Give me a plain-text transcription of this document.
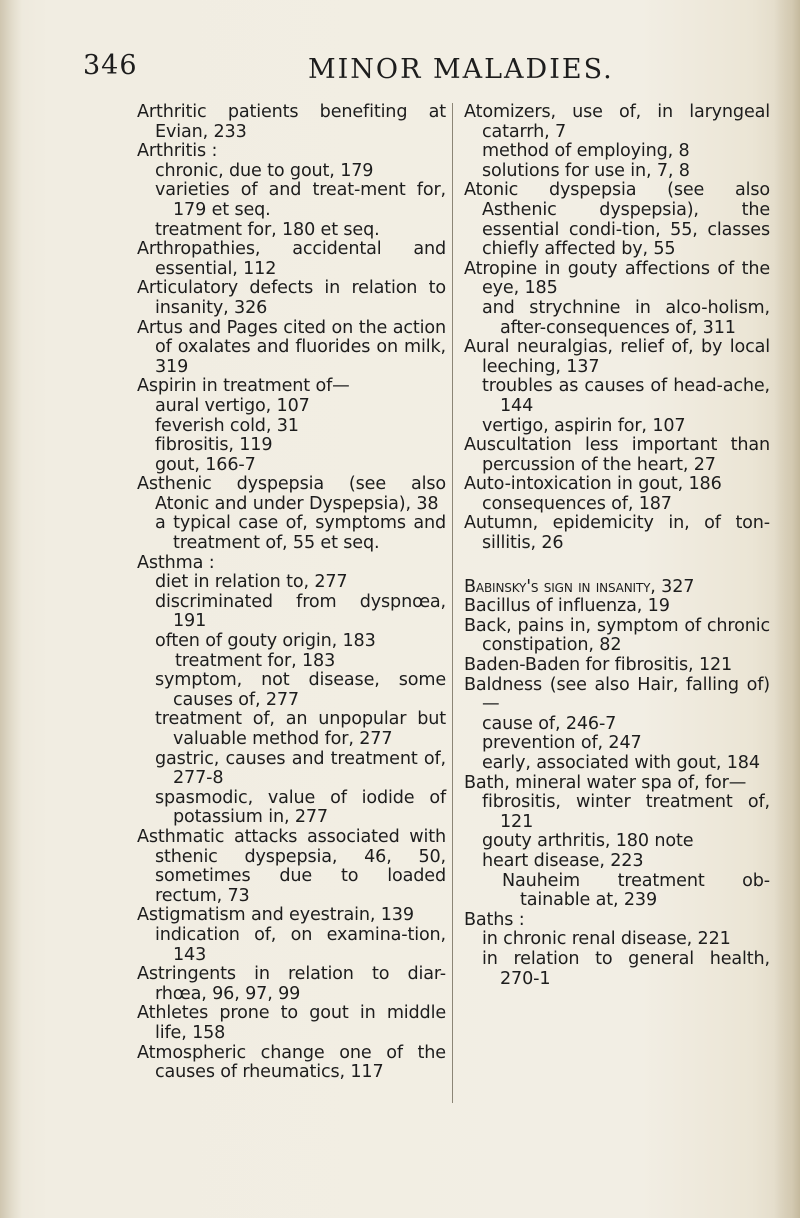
346	MINOR MALADIES.

Arthritic patients benefiting at Evian, 233

Arthritis :

chronic, due to gout, 179

varieties of and treat-ment for, 179 et seq.

treatment for, 180 et seq.

Arthropathies, accidental and essential, 112

Articulatory defects in relation to insanity, 326

Artus and Pages cited on the action of oxalates and fluorides on milk, 319

Aspirin in treatment of—

aural vertigo, 107

feverish cold, 31

fibrositis, 119

gout, 166-7

Asthenic dyspepsia (see also Atonic and under Dyspepsia), 38

a typical case of, symptoms and treatment of, 55 et seq.

Asthma :

diet in relation to, 277

discriminated from dyspnœa, 191

often of gouty origin, 183

treatment for, 183

symptom, not disease, some causes of, 277

treatment of, an unpopular but valuable method for, 277

gastric, causes and treatment of, 277-8

spasmodic, value of iodide of potassium in, 277

Asthmatic attacks associated with sthenic dyspepsia, 46, 50, sometimes due to loaded rectum, 73

Astigmatism and eyestrain, 139

indication of, on examina-tion, 143

Astringents in relation to diar-rhœa, 96, 97, 99

Athletes prone to gout in middle life, 158

Atmospheric change one of the causes of rheumatics, 117

Atomizers, use of, in laryngeal catarrh, 7

method of employing, 8

solutions for use in, 7, 8

Atonic dyspepsia (see also Asthenic dyspepsia), the essential condi-tion, 55, classes chiefly affected by, 55

Atropine in gouty affections of the eye, 185

and strychnine in alco-holism, after-consequences of, 311

Aural neuralgias, relief of, by local leeching, 137

troubles as causes of head-ache, 144

vertigo, aspirin for, 107

Auscultation less important than percussion of the heart, 27

Auto-intoxication in gout, 186

consequences of, 187

Autumn, epidemicity in, of ton-sillitis, 26

Babinsky's sign in insanity, 327

Bacillus of influenza, 19

Back, pains in, symptom of chronic constipation, 82

Baden-Baden for fibrositis, 121

Baldness (see also Hair, falling of)—

cause of, 246-7

prevention of, 247

early, associated with gout, 184

Bath, mineral water spa of, for—

fibrositis, winter treatment of, 121

gouty arthritis, 180 note

heart disease, 223

Nauheim treatment ob-tainable at, 239

Baths :

in chronic renal disease, 221

in relation to general health, 270-1
